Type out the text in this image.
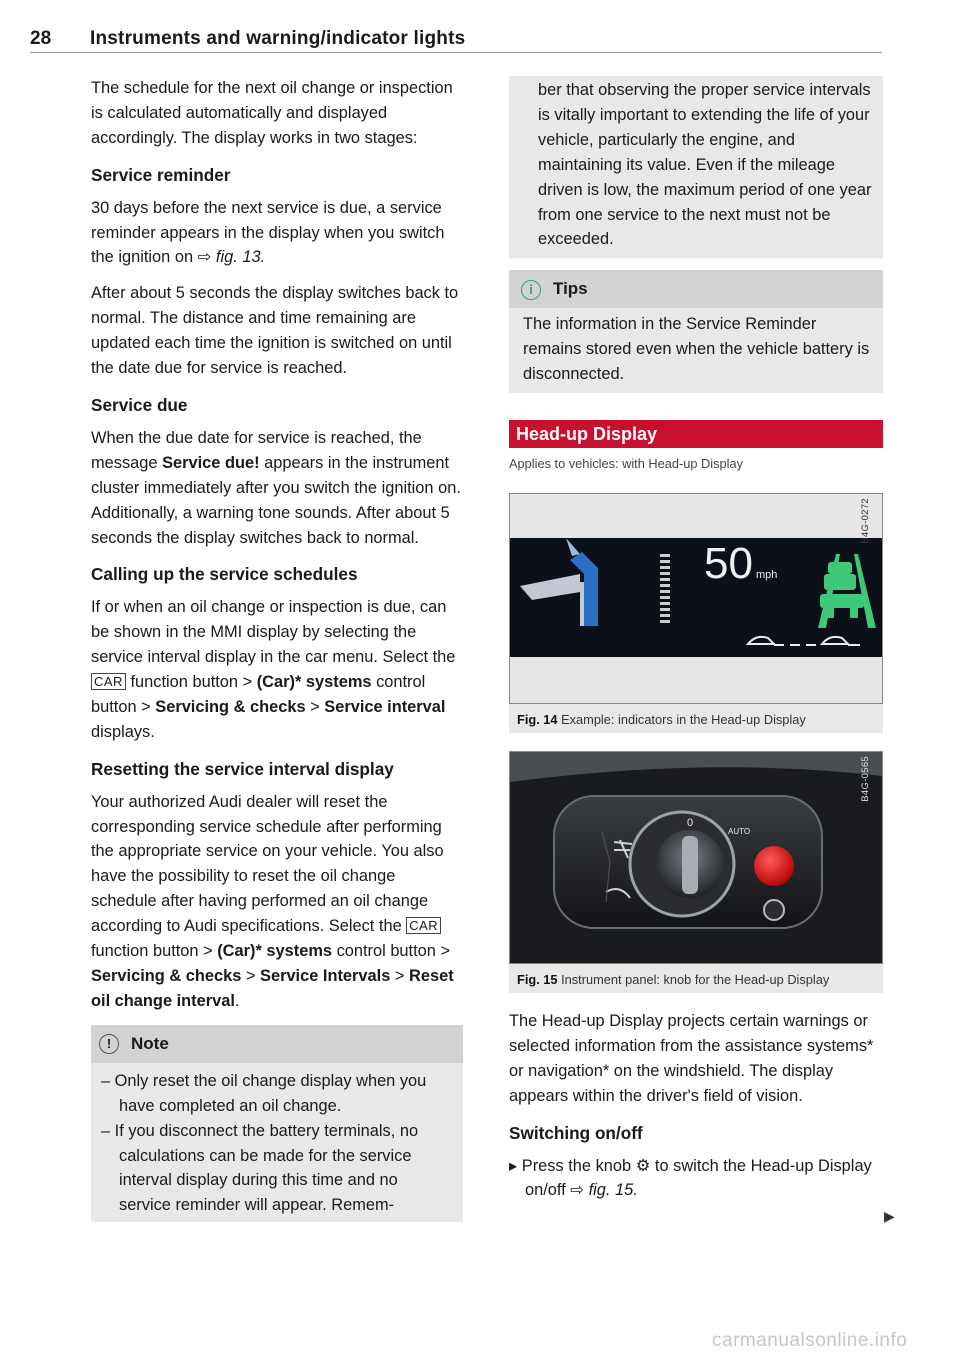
28 Instruments and warning/indicator lights

The schedule for the next oil change or inspection is calculated automatically and displayed accordingly. The display works in two stages:

Service reminder

30 days before the next service is due, a service reminder appears in the display when you switch the ignition on ⇨ fig. 13.

After about 5 seconds the display switches back to normal. The distance and time remaining are updated each time the ignition is switched on until the date due for service is reached.

Service due

When the due date for service is reached, the message Service due! appears in the instrument cluster immediately after you switch the ignition on. Additionally, a warning tone sounds. After about 5 seconds the display switches back to normal.

Calling up the service schedules

If or when an oil change or inspection is due, can be shown in the MMI display by selecting the service interval display in the car menu. Select the CAR function button > (Car)* systems control button > Servicing & checks > Service interval displays.

Resetting the service interval display

Your authorized Audi dealer will reset the corresponding service schedule after performing the appropriate service on your vehicle. You also have the possibility to reset the oil change schedule after having performed an oil change according to Audi specifications. Select the CAR function button > (Car)* systems control button > Servicing & checks > Service Intervals > Reset oil change interval.

! Note
– Only reset the oil change display when you have completed an oil change.
– If you disconnect the battery terminals, no calculations can be made for the service interval display during this time and no service reminder will appear. Remem-

ber that observing the proper service intervals is vitally important to extending the life of your vehicle, particularly the engine, and maintaining its value. Even if the mileage driven is low, the maximum period of one year from one service to the next must not be exceeded.

i Tips

The information in the Service Reminder remains stored even when the vehicle battery is disconnected.

Head-up Display

Applies to vehicles: with Head-up Display

50 mph
B4G-0272
Fig. 14 Example: indicators in the Head-up Display
0
AUTO
B4G-0565
Fig. 15 Instrument panel: knob for the Head-up Display

The Head-up Display projects certain warnings or selected information from the assistance systems* or navigation* on the windshield. The display appears within the driver's field of vision.

Switching on/off

▸ Press the knob ⚙ to switch the Head-up Display on/off ⇨ fig. 15.

▶
carmanualsonline.info
